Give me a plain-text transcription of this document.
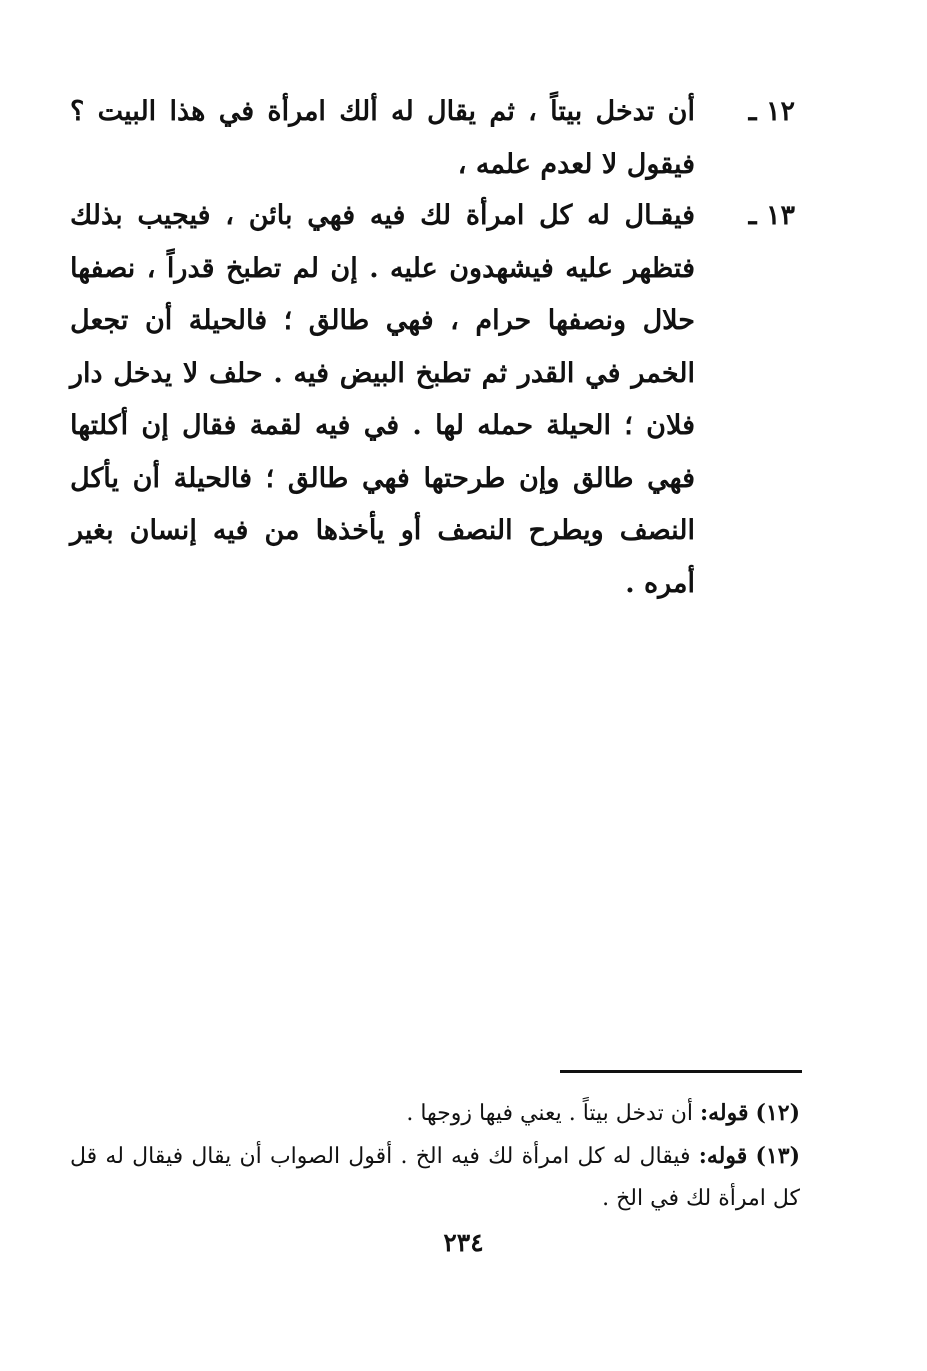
١٢ ـ
أن تدخل بيتاً ، ثم يقال له ألك امرأة في هذا البيت ؟ فيقول لا لعدم علمه ،
١٣ ـ
فيقـال له كل امرأة لك فيه فهي بائن ، فيجيب بذلك فتظهر عليه فيشهدون عليه . إن لم تطبخ قدراً ، نصفها حلال ونصفها حرام ، فهي طالق ؛ فالحيلة أن تجعل الخمر في القدر ثم تطبخ البيض فيه . حلف لا يدخل دار فلان ؛ الحيلة حمله لها . في فيه لقمة فقال إن أكلتها فهي طالق وإن طرحتها فهي طالق ؛ فالحيلة أن يأكل النصف ويطرح النصف أو يأخذها من فيه إنسان بغير أمره .
(١٢) قوله: أن تدخل بيتاً . يعني فيها زوجها .
(١٣) قوله: فيقال له كل امرأة لك فيه الخ . أقول الصواب أن يقال فيقال له قل كل امرأة لك في الخ .
٢٣٤
